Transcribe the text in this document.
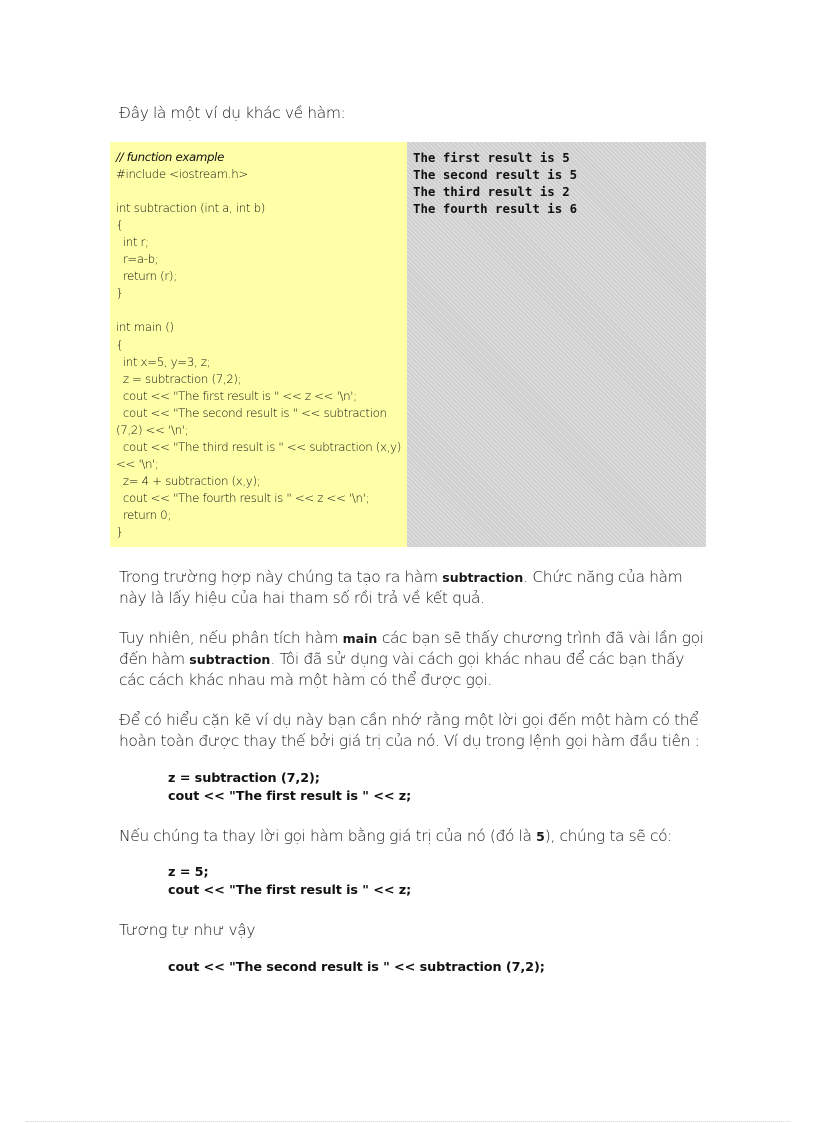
Đây là một ví dụ khác về hàm:
// function example
#include <iostream.h>
int subtraction (int a, int b)
{
int r;
r=a-b;
return (r);
}
int main ()
{
int x=5, y=3, z;
z = subtraction (7,2);
cout << "The first result is " << z << '\n';
cout << "The second result is " << subtraction (7,2) << '\n';
cout << "The third result is " << subtraction (x,y) << '\n';
z= 4 + subtraction (x,y);
cout << "The fourth result is " << z << '\n';
return 0;
}
The first result is 5
The second result is 5
The third result is 2
The fourth result is 6
Trong trường hợp này chúng ta tạo ra hàm subtraction. Chức năng của hàm này là lấy hiệu của hai tham số rồi trả về kết quả.
Tuy nhiên, nếu phân tích hàm main các bạn sẽ thấy chương trình đã vài lần gọi đến hàm subtraction. Tôi đã sử dụng vài cách gọi khác nhau để các bạn thấy các cách khác nhau mà một hàm có thể được gọi.
Để có hiểu cặn kẽ ví dụ này bạn cần nhớ rằng một lời gọi đến một hàm có thể hoàn toàn được thay thế bởi giá trị của nó. Ví dụ trong lệnh gọi hàm đầu tiên :
z = subtraction (7,2);
cout << "The first result is " << z;
Nếu chúng ta thay lời gọi hàm bằng giá trị của nó (đó là 5), chúng ta sẽ có:
z = 5;
cout << "The first result is " << z;
Tương tự như vậy
cout << "The second result is " << subtraction (7,2);
